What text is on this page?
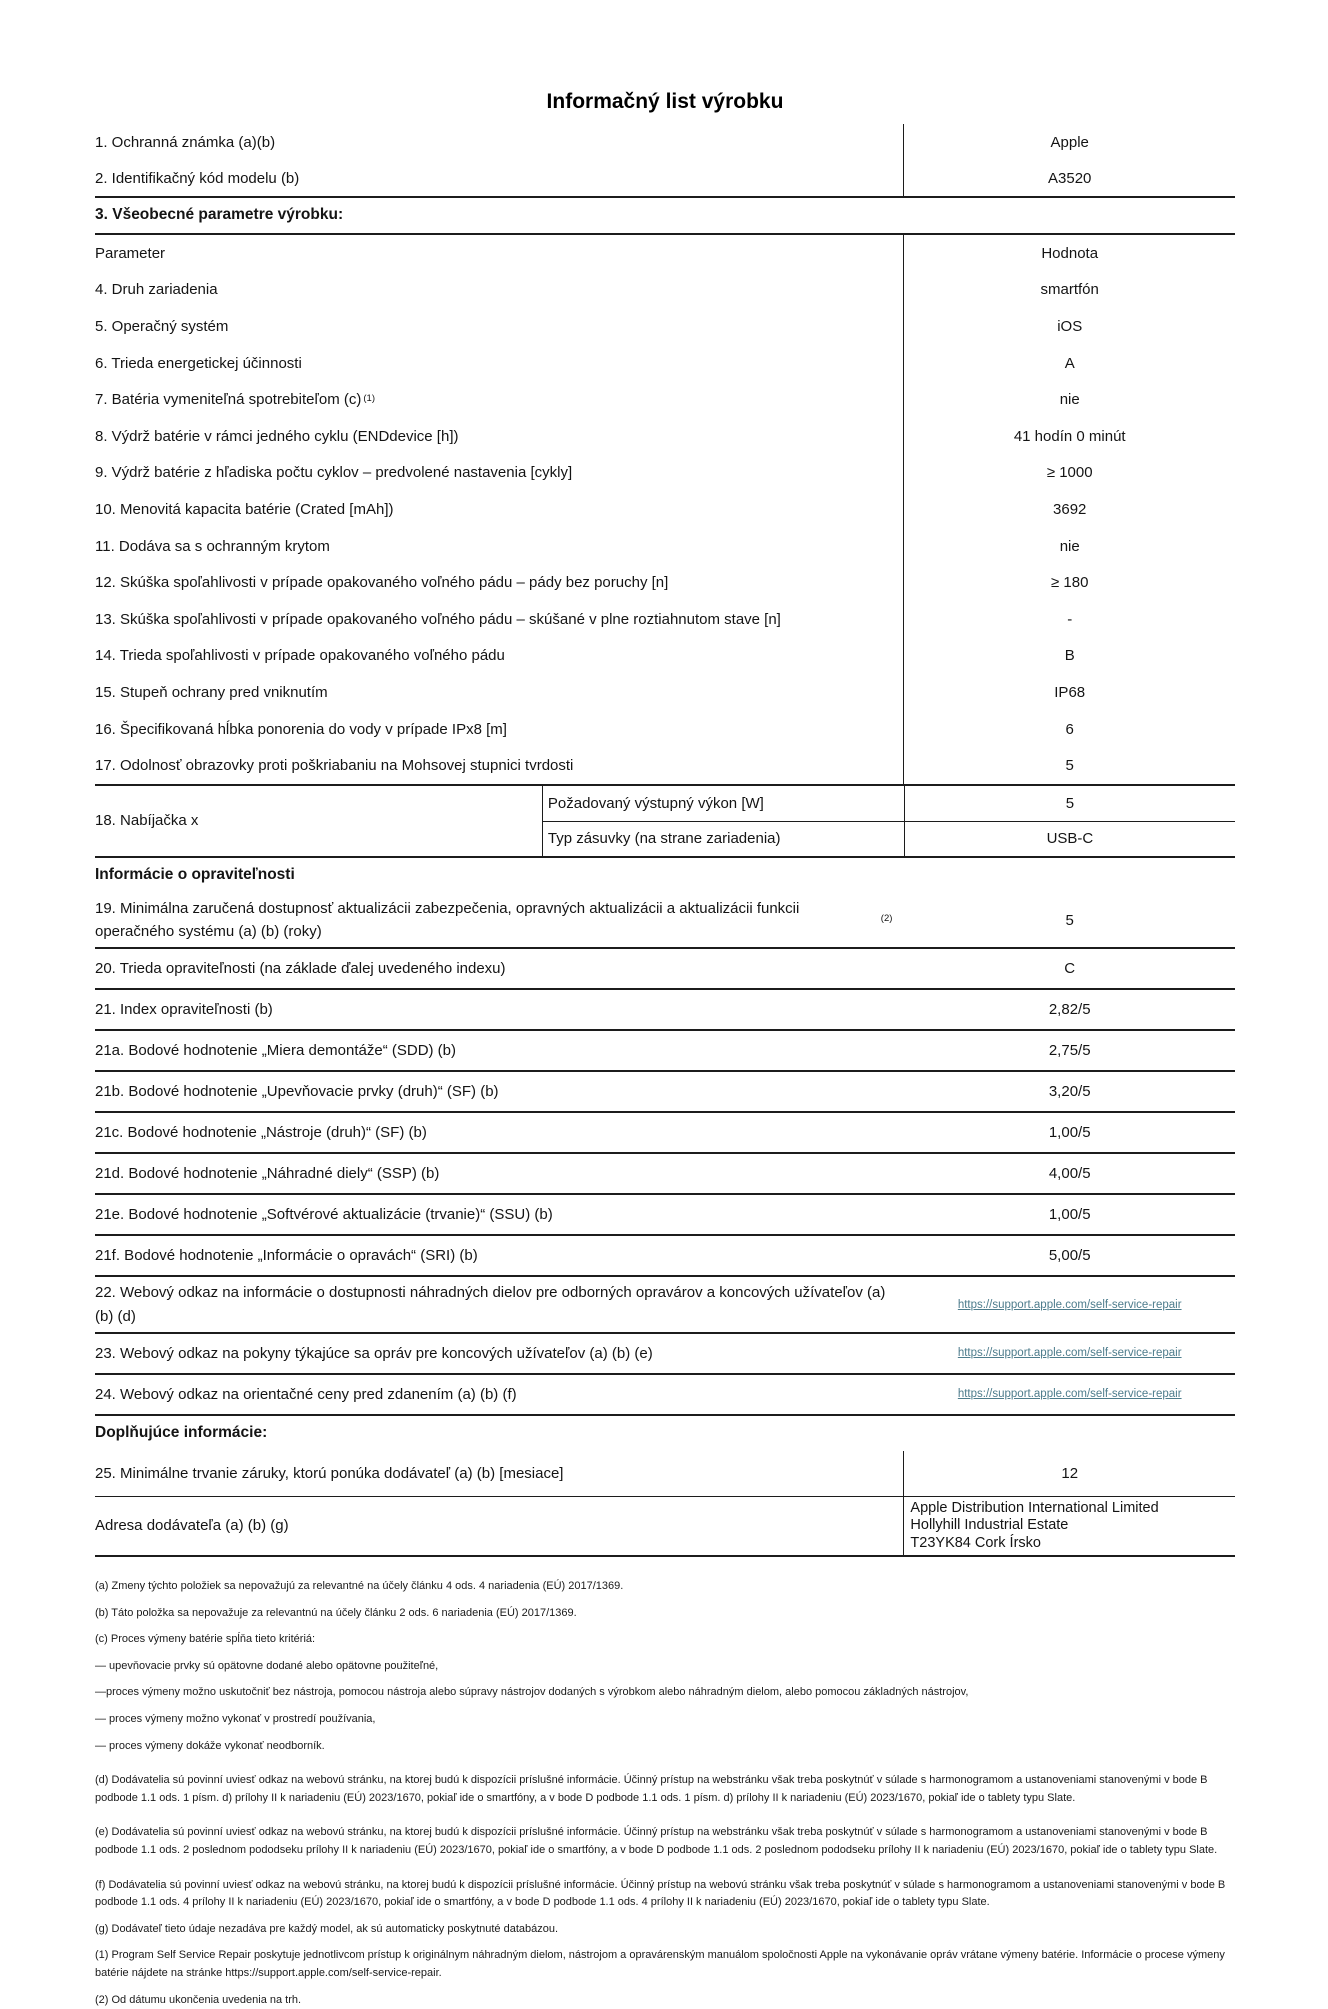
Informačný list výrobku
1. Ochranná známka (a)(b)	Apple
2. Identifikačný kód modelu (b)	A3520
3. Všeobecné parametre výrobku:
Parameter	Hodnota
4. Druh zariadenia	smartfón
5. Operačný systém	iOS
6. Trieda energetickej účinnosti	A
7. Batéria vymeniteľná spotrebiteľom $(c)^{(1)}$	nie
8. Výdrž batérie v rámci jedného cyklu (ENDdevice [h])	41 hodín 0 minút
9. Výdrž batérie z hľadiska počtu cyklov – predvolené nastavenia [cykly]	≥ 1000
10. Menovitá kapacita batérie (Crated [mAh])	3692
11. Dodáva sa s ochranným krytom	nie
12. Skúška spoľahlivosti v prípade opakovaného voľného pádu – pády bez poruchy [n]	≥ 180
13. Skúška spoľahlivosti v prípade opakovaného voľného pádu – skúšané v plne roztiahnutom stave [n]	-
14. Trieda spoľahlivosti v prípade opakovaného voľného pádu	B
15. Stupeň ochrany pred vniknutím	IP68
16. Špecifikovaná hĺbka ponorenia do vody v prípade IPx8 [m]	6
17. Odolnosť obrazovky proti poškriabaniu na Mohsovej stupnici tvrdosti	5
18. Nabíjačka x
Požadovaný výstupný výkon [W]	5
Typ zásuvky (na strane zariadenia)	USB-C
Informácie o opraviteľnosti
19. Minimálna zaručená dostupnosť aktualizácii zabezpečenia, opravných aktualizácii a aktualizácii funkcii operačného systému (a) (b) (roky)
$^{(2)}$	5
20. Trieda opraviteľnosti (na základe ďalej uvedeného indexu)	C
21. Index opraviteľnosti (b)	2,82/5
21a. Bodové hodnotenie „Miera demontáže“ (SDD) (b)	2,75/5
21b. Bodové hodnotenie „Upevňovacie prvky (druh)“ (SF) (b)	3,20/5
21c. Bodové hodnotenie „Nástroje (druh)“ (SF) (b)	1,00/5
21d. Bodové hodnotenie „Náhradné diely“ (SSP) (b)	4,00/5
21e. Bodové hodnotenie „Softvérové aktualizácie (trvanie)“ (SSU) (b)	1,00/5
21f. Bodové hodnotenie „Informácie o opravách“ (SRI) (b)	5,00/5
22. Webový odkaz na informácie o dostupnosti náhradných dielov pre odborných opravárov a koncových užívateľov (a) (b) (d)
https://support.apple.com/self-service-repair
23. Webový odkaz na pokyny týkajúce sa opráv pre koncových užívateľov (a) (b) (e)	https://support.apple.com/self-service-repair
24. Webový odkaz na orientačné ceny pred zdanením (a) (b) (f)	https://support.apple.com/self-service-repair
Doplňujúce informácie:
25. Minimálne trvanie záruky, ktorú ponúka dodávateľ (a) (b) [mesiace]	12
Adresa dodávateľa (a) (b) (g)
Apple Distribution International Limited
Hollyhill Industrial Estate
T23YK84 Cork Írsko

(a) Zmeny týchto položiek sa nepovažujú za relevantné na účely článku 4 ods. 4 nariadenia (EÚ) 2017/1369.

(b) Táto položka sa nepovažuje za relevantnú na účely článku 2 ods. 6 nariadenia (EÚ) 2017/1369.

(c) Proces výmeny batérie spĺňa tieto kritériá:

— upevňovacie prvky sú opätovne dodané alebo opätovne použiteľné,

—proces výmeny možno uskutočniť bez nástroja, pomocou nástroja alebo súpravy nástrojov dodaných s výrobkom alebo náhradným dielom, alebo pomocou základných nástrojov,

— proces výmeny možno vykonať v prostredí používania,

— proces výmeny dokáže vykonať neodborník.

(d) Dodávatelia sú povinní uviesť odkaz na webovú stránku, na ktorej budú k dispozícii príslušné informácie. Účinný prístup na webstránku však treba poskytnúť v súlade s harmonogramom a ustanoveniami stanovenými v bode B podbode 1.1 ods. 1 písm. d) prílohy II k nariadeniu (EÚ) 2023/1670, pokiaľ ide o smartfóny, a v bode D podbode 1.1 ods. 1 písm. d) prílohy II k nariadeniu (EÚ) 2023/1670, pokiaľ ide o tablety typu Slate.

(e) Dodávatelia sú povinní uviesť odkaz na webovú stránku, na ktorej budú k dispozícii príslušné informácie. Účinný prístup na webstránku však treba poskytnúť v súlade s harmonogramom a ustanoveniami stanovenými v bode B podbode 1.1 ods. 2 poslednom pododseku prílohy II k nariadeniu (EÚ) 2023/1670, pokiaľ ide o smartfóny, a v bode D podbode 1.1 ods. 2 poslednom pododseku prílohy II k nariadeniu (EÚ) 2023/1670, pokiaľ ide o tablety typu Slate.

(f) Dodávatelia sú povinní uviesť odkaz na webovú stránku, na ktorej budú k dispozícii príslušné informácie. Účinný prístup na webovú stránku však treba poskytnúť v súlade s harmonogramom a ustanoveniami stanovenými v bode B podbode 1.1 ods. 4 prílohy II k nariadeniu (EÚ) 2023/1670, pokiaľ ide o smartfóny, a v bode D podbode 1.1 ods. 4 prílohy II k nariadeniu (EÚ) 2023/1670, pokiaľ ide o tablety typu Slate.

(g) Dodávateľ tieto údaje nezadáva pre každý model, ak sú automaticky poskytnuté databázou.

(1) Program Self Service Repair poskytuje jednotlivcom prístup k originálnym náhradným dielom, nástrojom a opravárenským manuálom spoločnosti Apple na vykonávanie opráv vrátane výmeny batérie. Informácie o procese výmeny batérie nájdete na stránke https://support.apple.com/self-service-repair.

(2) Od dátumu ukončenia uvedenia na trh.
